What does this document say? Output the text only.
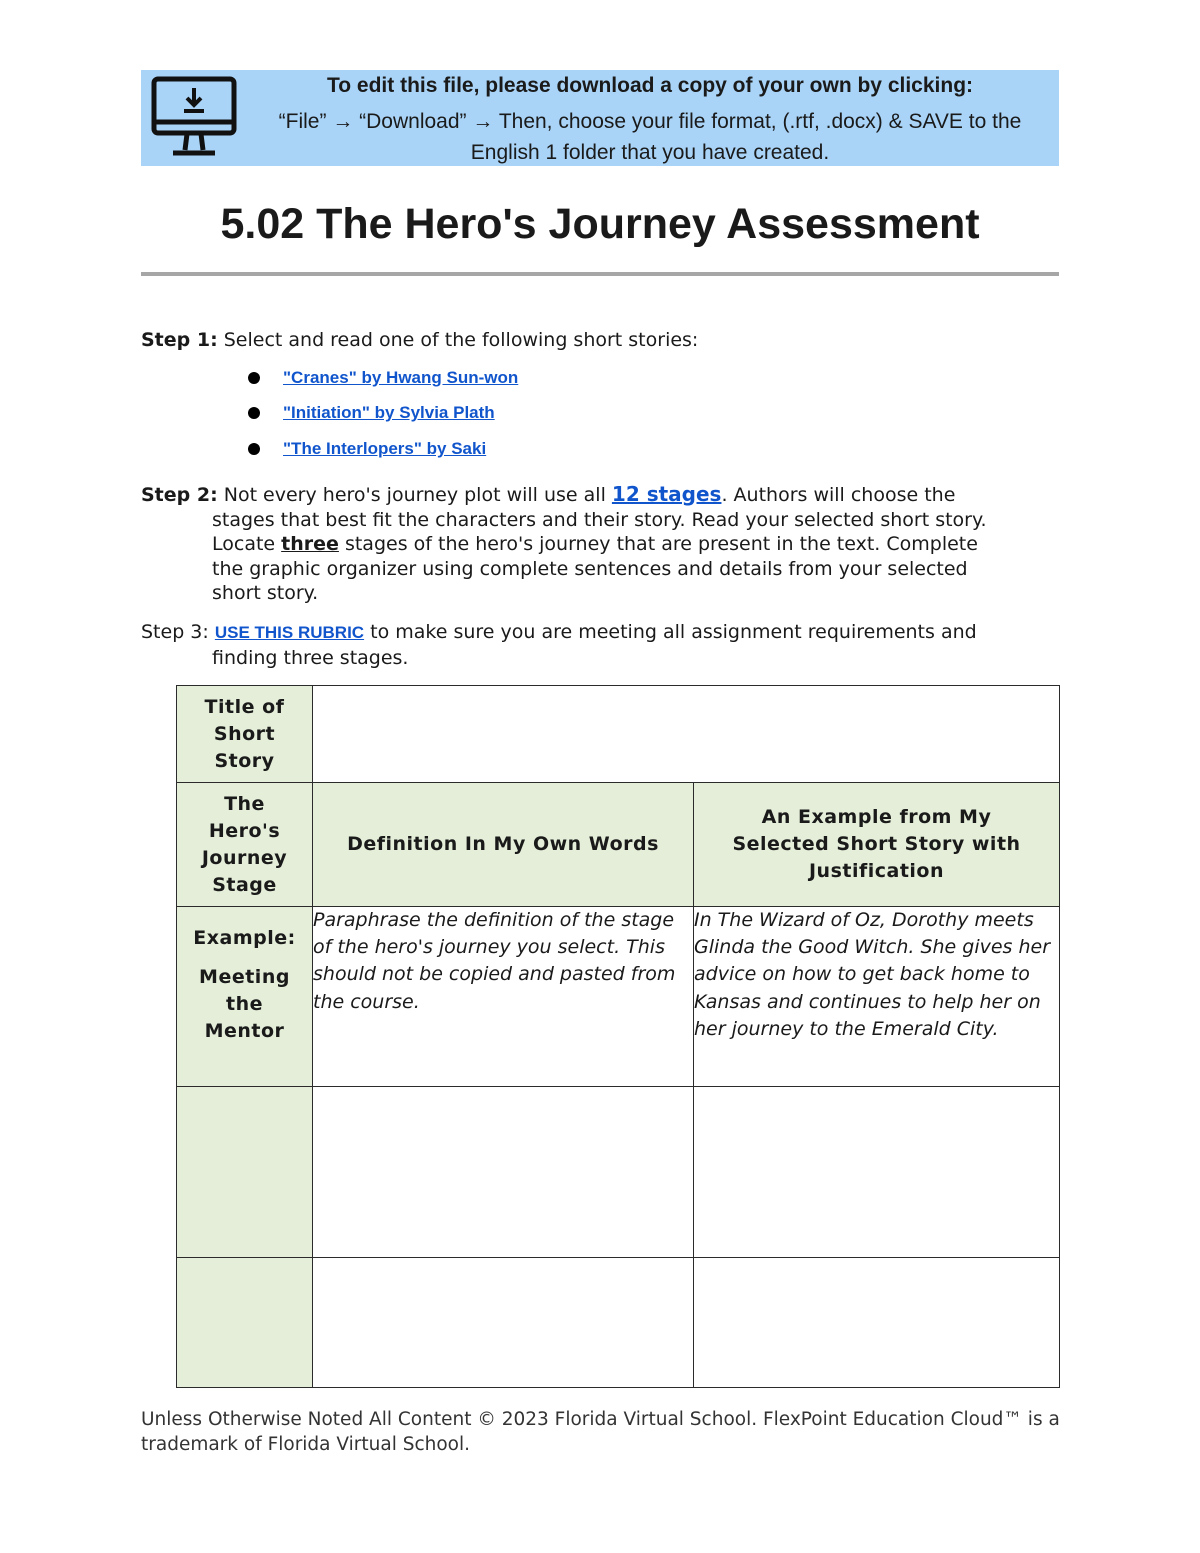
To edit this file, please download a copy of your own by clicking:
“File” → “Download” → Then, choose your file format, (.rtf, .docx) & SAVE to the
English 1 folder that you have created.
5.02 The Hero's Journey Assessment
Step 1: Select and read one of the following short stories:
"Cranes" by Hwang Sun-won
"Initiation" by Sylvia Plath
"The Interlopers" by Saki
Step 2: Not every hero's journey plot will use all 12 stages. Authors will choose the
stages that best fit the characters and their story. Read your selected short story.
Locate three stages of the hero's journey that are present in the text. Complete
the graphic organizer using complete sentences and details from your selected
short story.
Step 3: USE THIS RUBRIC to make sure you are meeting all assignment requirements and
finding three stages.
Title of Short Story		

The Hero's Journey Stage	Definition In My Own Words	An Example from My Selected Short Story with Justification

Example:
Meeting the Mentor	Paraphrase the definition of the stage of the hero's journey you select. This should not be copied and pasted from the course.	In The Wizard of Oz, Dorothy meets Glinda the Good Witch. She gives her advice on how to get back home to Kansas and continues to help her on her journey to the Emerald City.

Unless Otherwise Noted All Content © 2023 Florida Virtual School. FlexPoint Education Cloud™ is a trademark of Florida Virtual School.
